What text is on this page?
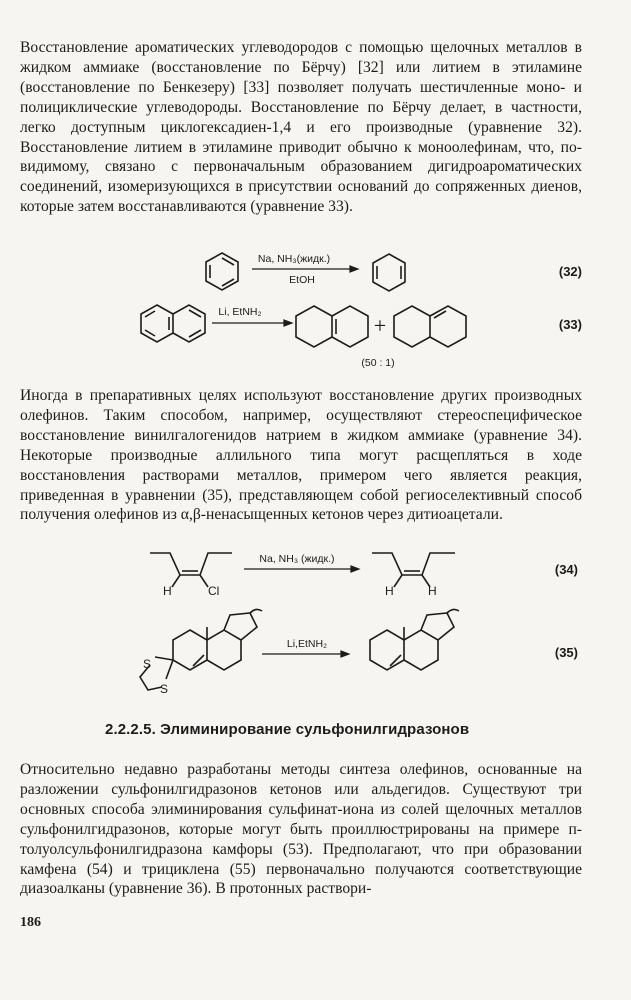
Восстановление ароматических углеводородов с помощью щелочных металлов в жидком аммиаке (восстановление по Бёрчу) [32] или литием в этиламине (восстановление по Бенкезеру) [33] позволяет получать шестичленные моно- и полициклические углеводороды. Восстановление по Бёрчу делает, в частности, легко доступным циклогексадиен-1,4 и его производные (уравнение 32). Восстановление литием в этиламине приводит обычно к моноолефинам, что, по-видимому, связано с первоначальным образованием дигидроароматических соединений, изомеризующихся в присутствии оснований до сопряженных диенов, которые затем восстанавливаются (уравнение 33).

Na, NH₃(жидк.)
EtOH
(32)
Li, EtNH₂
+
(50 : 1)
(33)

Иногда в препаративных целях используют восстановление других производных олефинов. Таким способом, например, осуществляют стереоспецифическое восстановление винилгалогенидов натрием в жидком аммиаке (уравнение 34). Некоторые производные аллильного типа могут расщепляться в ходе восстановления растворами металлов, примером чего является реакция, приведенная в уравнении (35), представляющем собой региоселективный способ получения олефинов из α,β-ненасыщенных кетонов через дитиоацетали.

H	Cl
Na, NH₃ (жидк.)
H	H
(34)
S
S
Li,EtNH₂
(35)
2.2.2.5. Элиминирование сульфонилгидразонов

Относительно недавно разработаны методы синтеза олефинов, основанные на разложении сульфонилгидразонов кетонов или альдегидов. Существуют три основных способа элиминирования сульфинат-иона из солей щелочных металлов сульфонилгидразонов, которые могут быть проиллюстрированы на примере п-толуолсульфонилгидразона камфоры (53). Предполагают, что при образовании камфена (54) и трициклена (55) первоначально получаются соответствующие диазоалканы (уравнение 36). В протонных раствори-

186
